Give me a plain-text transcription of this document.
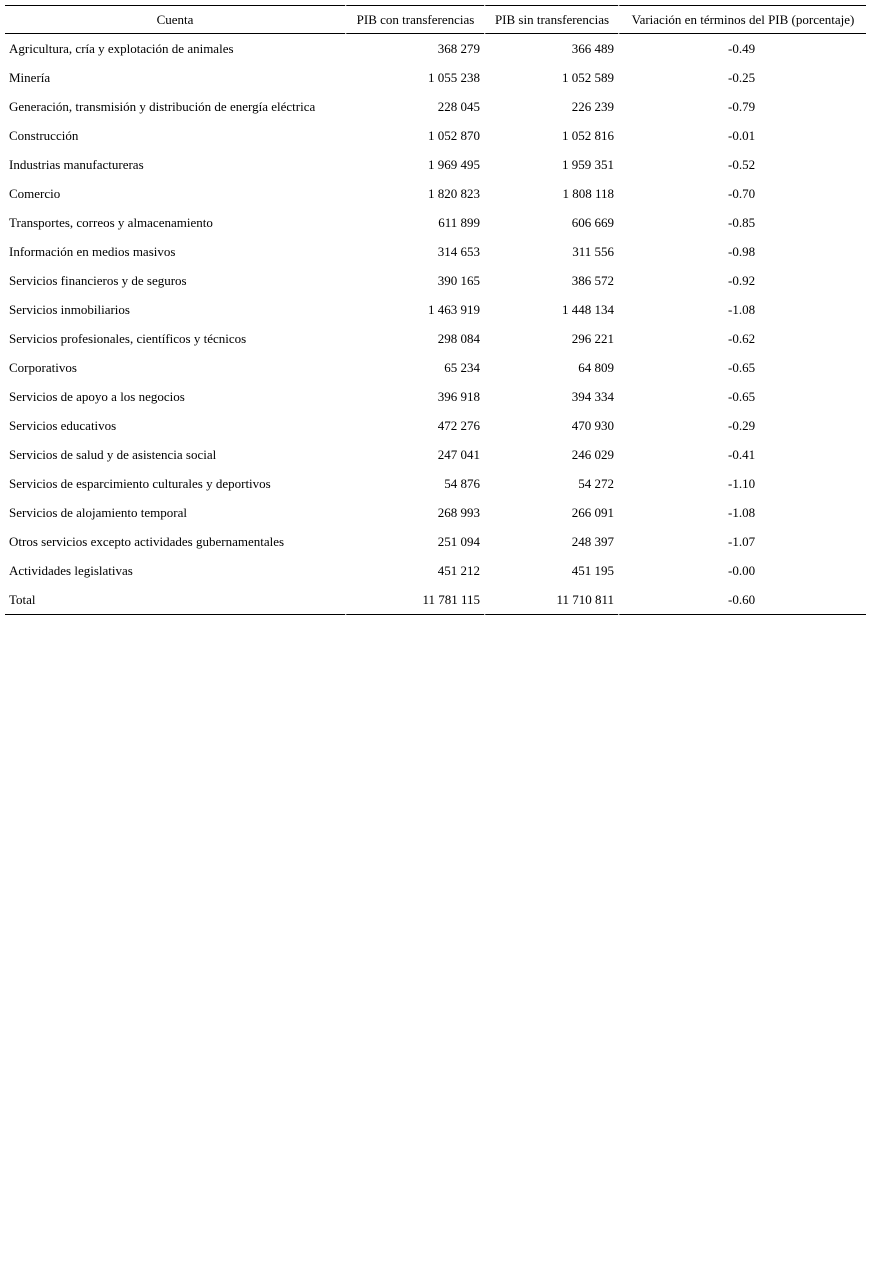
Cuenta	PIB con transferencias	PIB sin transferencias	Variación en términos del PIB (porcentaje)
Agricultura, cría y explotación de animales	368 279	366 489	-0.49
Minería	1 055 238	1 052 589	-0.25
Generación, transmisión y distribución de energía eléctrica	228 045	226 239	-0.79
Construcción	1 052 870	1 052 816	-0.01
Industrias manufactureras	1 969 495	1 959 351	-0.52
Comercio	1 820 823	1 808 118	-0.70
Transportes, correos y almacenamiento	611 899	606 669	-0.85
Información en medios masivos	314 653	311 556	-0.98
Servicios financieros y de seguros	390 165	386 572	-0.92
Servicios inmobiliarios	1 463 919	1 448 134	-1.08
Servicios profesionales, científicos y técnicos	298 084	296 221	-0.62
Corporativos	65 234	64 809	-0.65
Servicios de apoyo a los negocios	396 918	394 334	-0.65
Servicios educativos	472 276	470 930	-0.29
Servicios de salud y de asistencia social	247 041	246 029	-0.41
Servicios de esparcimiento culturales y deportivos	54 876	54 272	-1.10
Servicios de alojamiento temporal	268 993	266 091	-1.08
Otros servicios excepto actividades gubernamentales	251 094	248 397	-1.07
Actividades legislativas	451 212	451 195	-0.00
Total	11 781 115	11 710 811	-0.60
